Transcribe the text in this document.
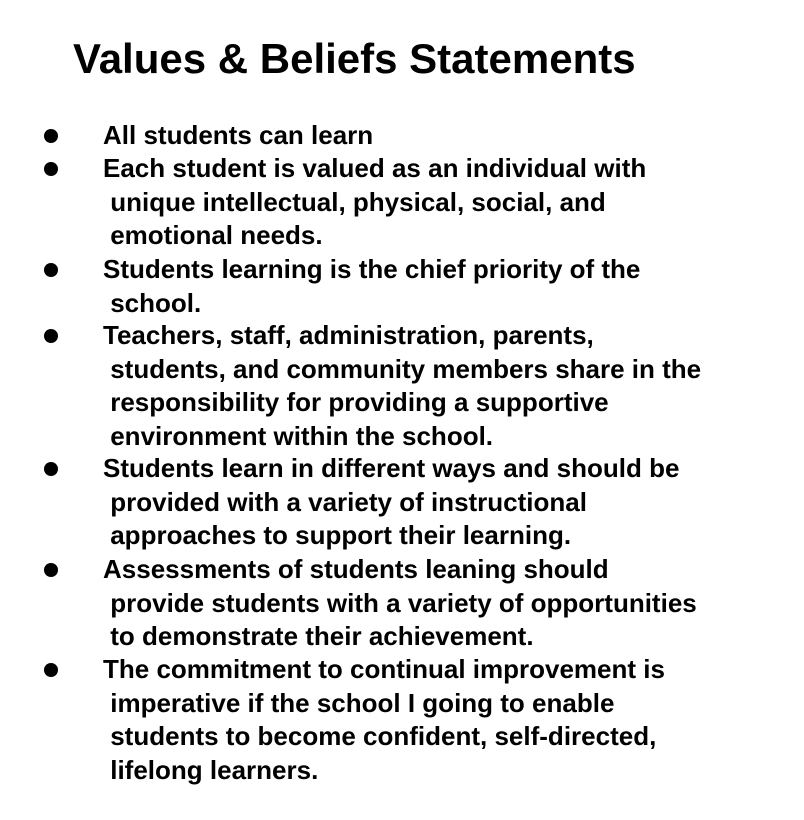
Values & Beliefs Statements
All students can learn
Each student is valued as an individual with
unique intellectual, physical, social, and
emotional needs.
Students learning is the chief priority of the
school.
Teachers, staff, administration, parents,
students, and community members share in the
responsibility for providing a supportive
environment within the school.
Students learn in different ways and should be
provided with a variety of instructional
approaches to support their learning.
Assessments of students leaning should
provide students with a variety of opportunities
to demonstrate their achievement.
The commitment to continual improvement is
imperative if the school I going to enable
students to become confident, self-directed,
lifelong learners.
